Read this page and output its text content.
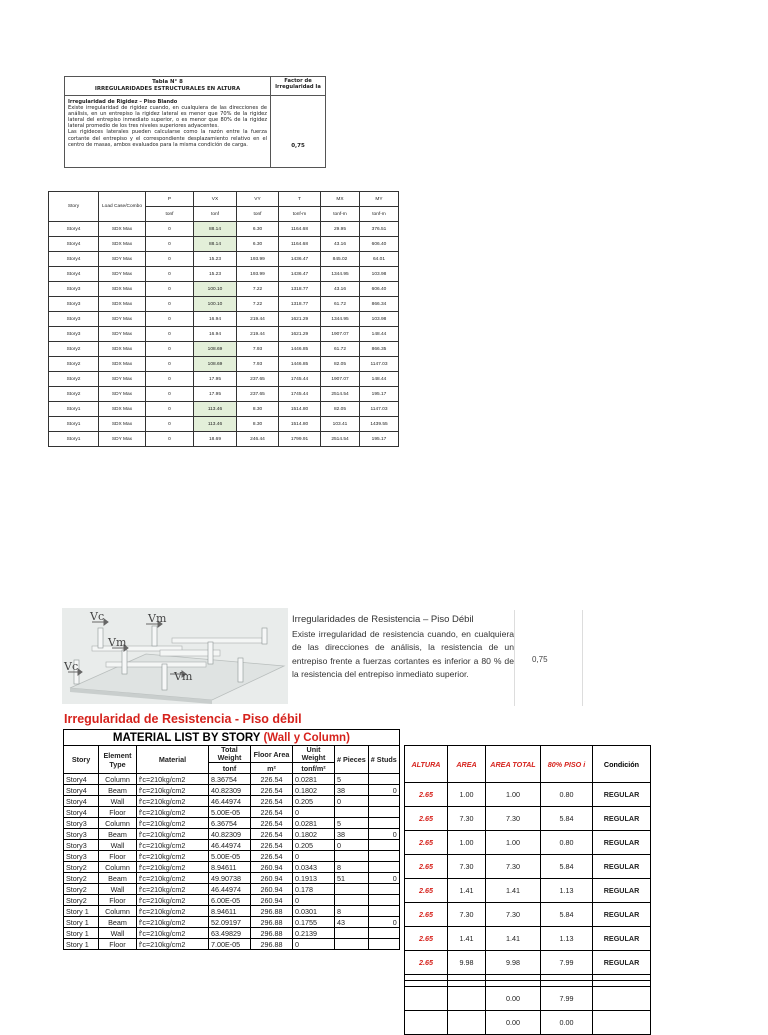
Tabla N° 8
IRREGULARIDADES ESTRUCTURALES EN ALTURA
Irregularidad de Rigidez – Piso Blando
Existe irregularidad de rigidez cuando, en cualquiera de las direcciones de análisis, en un entrepiso la rigidez lateral es menor que 70% de la rigidez lateral del entrepiso inmediato superior, o es menor que 80% de la rigidez lateral promedio de los tres niveles superiores adyacentes.
Las rigideces laterales pueden calcularse como la razón entre la fuerza cortante del entrepiso y el correspondiente desplazamiento relativo en el centro de masas, ambos evaluados para la misma condición de carga.
Factor de Irregularidad Ia
0,75
Story	Load Case/Combo	P	VX	VY	T	MX	MY
		tonf	tonf	tonf	tonf-m	tonf-m	tonf-m
Story4	SDX Max	0	88.14	6.30	1164.68	29.95	376.51
Story4	SDX Max	0	88.14	6.30	1164.68	43.16	606.40
Story4	SDY Max	0	15.23	193.99	1436.47	845.02	64.01
Story4	SDY Max	0	15.23	193.99	1436.47	1344.95	103.98
Story3	SDX Max	0	100.10	7.22	1318.77	43.16	606.40
Story3	SDX Max	0	100.10	7.22	1318.77	61.72	866.34
Story3	SDY Max	0	16.94	219.44	1621.29	1344.95	103.98
Story3	SDY Max	0	16.94	219.44	1621.29	1907.07	148.44
Story2	SDX Max	0	108.69	7.93	1446.85	61.72	866.35
Story2	SDX Max	0	108.69	7.93	1446.85	82.05	1147.03
Story2	SDY Max	0	17.95	237.65	1745.44	1907.07	148.44
Story2	SDY Max	0	17.95	237.65	1745.44	2514.54	195.17
Story1	SDX Max	0	113.46	8.30	1514.80	82.05	1147.03
Story1	SDX Max	0	113.46	8.30	1514.80	103.41	1439.55
Story1	SDY Max	0	18.69	246.44	1799.91	2514.54	195.17
Vc	Vm
Vm
Vc
Vm
Irregularidades de Resistencia – Piso Débil
Existe irregularidad de resistencia cuando, en cualquiera de las direcciones de análisis, la resistencia de un entrepiso frente a fuerzas cortantes es inferior a 80 % de la resistencia del entrepiso inmediato superior.
0,75
Irregularidad de Resistencia - Piso débil
MATERIAL LIST BY STORY (Wall y Column)							
Story	Element Type	Material	Total Weight	Floor Area	Unit Weight	# Pieces	# Studs
			tonf	m²	tonf/m²		
Story4	Column	f'c=210kg/cm2	8.36754	226.54	0.0281	5	
Story4	Beam	f'c=210kg/cm2	40.82309	226.54	0.1802	38	0
Story4	Wall	f'c=210kg/cm2	46.44974	226.54	0.205	0	
Story4	Floor	f'c=210kg/cm2	5.00E-05	226.54	0		
Story3	Column	f'c=210kg/cm2	6.36754	226.54	0.0281	5	
Story3	Beam	f'c=210kg/cm2	40.82309	226.54	0.1802	38	0
Story3	Wall	f'c=210kg/cm2	46.44974	226.54	0.205	0	
Story3	Floor	f'c=210kg/cm2	5.00E-05	226.54	0		
Story2	Column	f'c=210kg/cm2	8.94611	260.94	0.0343	8	
Story2	Beam	f'c=210kg/cm2	49.90738	260.94	0.1913	51	0
Story2	Wall	f'c=210kg/cm2	46.44974	260.94	0.178		
Story2	Floor	f'c=210kg/cm2	6.00E-05	260.94	0		
Story 1	Column	f'c=210kg/cm2	8.94611	296.88	0.0301	8	
Story 1	Beam	f'c=210kg/cm2	52.09197	296.88	0.1755	43	0
Story 1	Wall	f'c=210kg/cm2	63.49829	296.88	0.2139		
Story 1	Floor	f'c=210kg/cm2	7.00E-05	296.88	0		
ALTURA	AREA	AREA TOTAL	80% PISO i	Condición
2.65	1.00	1.00	0.80	REGULAR
2.65	7.30	7.30	5.84	REGULAR
2.65	1.00	1.00	0.80	REGULAR
2.65	7.30	7.30	5.84	REGULAR
2.65	1.41	1.41	1.13	REGULAR
2.65	7.30	7.30	5.84	REGULAR
2.65	1.41	1.41	1.13	REGULAR
2.65	9.98	9.98	7.99	REGULAR

		0.00	7.99	
		0.00	0.00	
